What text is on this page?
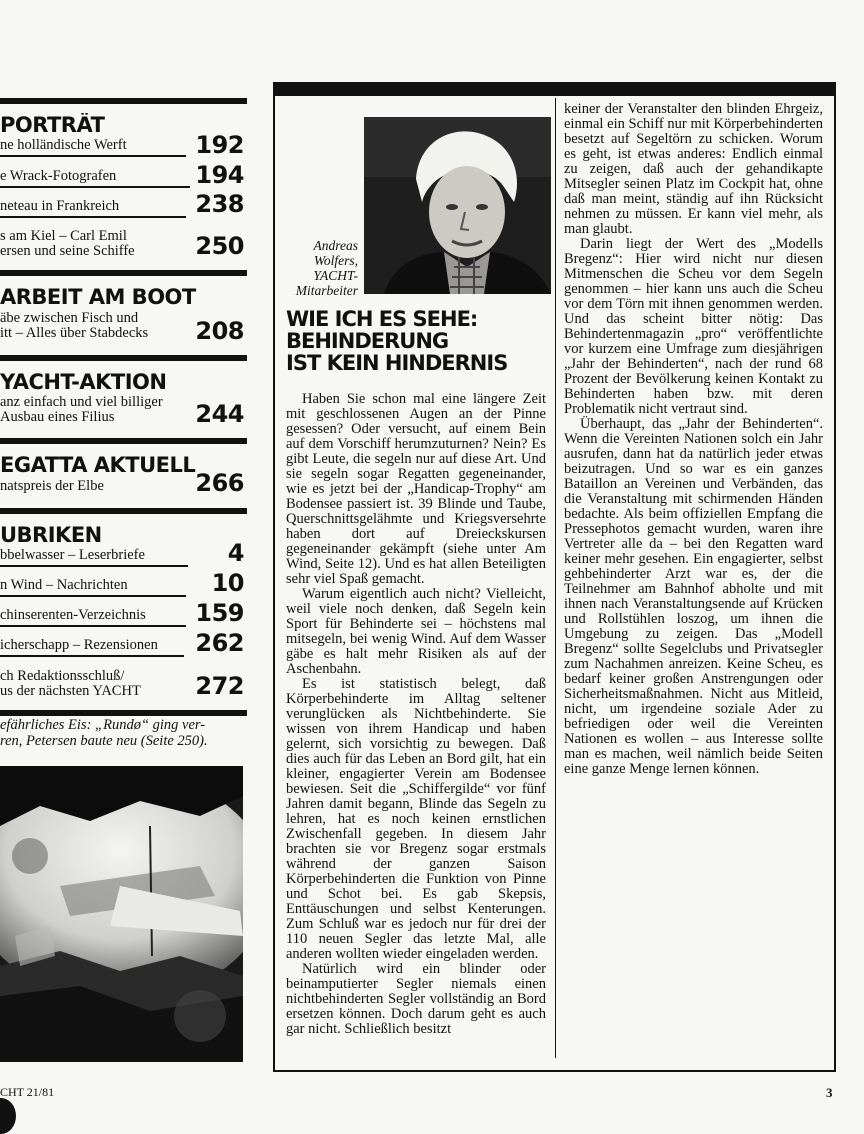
PORTRÄT
ne holländische Werft	192
e Wrack-Fotografen	194
neteau in Frankreich	238
s am Kiel – Carl Emil
ersen und seine Schiffe	250
ARBEIT AM BOOT
äbe zwischen Fisch und
itt – Alles über Stabdecks	208
YACHT-AKTION
anz einfach und viel billiger
Ausbau eines Filius	244
EGATTA AKTUELL
natspreis der Elbe	266
UBRIKEN
bbelwasser – Leserbriefe	4
n Wind – Nachrichten	10
chinserenten-Verzeichnis	159
icherschapp – Rezensionen	262
ch Redaktionsschluß/
us der nächsten YACHT	272
efährliches Eis: „Rundø“ ging ver-
ren, Petersen baute neu (Seite 250).
Andreas
Wolfers,
YACHT-
Mitarbeiter
WIE ICH ES SEHE:
BEHINDERUNG
IST KEIN HINDERNIS

Haben Sie schon mal eine längere Zeit mit geschlossenen Augen an der Pinne gesessen? Oder versucht, auf einem Bein auf dem Vorschiff herumzuturnen? Nein? Es gibt Leute, die segeln nur auf diese Art. Und sie segeln sogar Regatten gegeneinander, wie es jetzt bei der „Handicap-Trophy“ am Bodensee passiert ist. 39 Blinde und Taube, Querschnittsgelähmte und Kriegsversehrte haben dort auf Dreieckskursen gegeneinander gekämpft (siehe unter Am Wind, Seite 12). Und es hat allen Beteiligten sehr viel Spaß gemacht.

Warum eigentlich auch nicht? Vielleicht, weil viele noch denken, daß Segeln kein Sport für Behinderte sei – höchstens mal mitsegeln, bei wenig Wind. Auf dem Wasser gäbe es halt mehr Risiken als auf der Aschenbahn.

Es ist statistisch belegt, daß Körperbehinderte im Alltag seltener verunglücken als Nichtbehinderte. Sie wissen von ihrem Handicap und haben gelernt, sich vorsichtig zu bewegen. Daß dies auch für das Leben an Bord gilt, hat ein kleiner, engagierter Verein am Bodensee bewiesen. Seit die „Schiffergilde“ vor fünf Jahren damit begann, Blinde das Segeln zu lehren, hat es noch keinen ernstlichen Zwischenfall gegeben. In diesem Jahr brachten sie vor Bregenz sogar erstmals während der ganzen Saison Körperbehinderten die Funktion von Pinne und Schot bei. Es gab Skepsis, Enttäuschungen und selbst Kenterungen. Zum Schluß war es jedoch nur für drei der 110 neuen Segler das letzte Mal, alle anderen wollten wieder eingeladen werden.

Natürlich wird ein blinder oder beinamputierter Segler niemals einen nichtbehinderten Segler vollständig an Bord ersetzen können. Doch darum geht es auch gar nicht. Schließlich besitzt

keiner der Veranstalter den blinden Ehrgeiz, einmal ein Schiff nur mit Körperbehinderten besetzt auf Segeltörn zu schicken. Worum es geht, ist etwas anderes: Endlich einmal zu zeigen, daß auch der gehandikapte Mitsegler seinen Platz im Cockpit hat, ohne daß man meint, ständig auf ihn Rücksicht nehmen zu müssen. Er kann viel mehr, als man glaubt.

Darin liegt der Wert des „Modells Bregenz“: Hier wird nicht nur diesen Mitmenschen die Scheu vor dem Segeln genommen – hier kann uns auch die Scheu vor dem Törn mit ihnen genommen werden. Und das scheint bitter nötig: Das Behindertenmagazin „pro“ veröffentlichte vor kurzem eine Umfrage zum diesjährigen „Jahr der Behinderten“, nach der rund 68 Prozent der Bevölkerung keinen Kontakt zu Behinderten haben bzw. mit deren Problematik nicht vertraut sind.

Überhaupt, das „Jahr der Behinderten“. Wenn die Vereinten Nationen solch ein Jahr ausrufen, dann hat da natürlich jeder etwas beizutragen. Und so war es ein ganzes Bataillon an Vereinen und Verbänden, das die Veranstaltung mit schirmenden Händen bedachte. Als beim offiziellen Empfang die Pressephotos gemacht wurden, waren ihre Vertreter alle da – bei den Regatten ward keiner mehr gesehen. Ein engagierter, selbst gehbehinderter Arzt war es, der die Teilnehmer am Bahnhof abholte und mit ihnen nach Veranstaltungsende auf Krücken und Rollstühlen loszog, um ihnen die Umgebung zu zeigen. Das „Modell Bregenz“ sollte Segelclubs und Privatsegler zum Nachahmen anreizen. Keine Scheu, es bedarf keiner großen Anstrengungen oder Sicherheitsmaßnahmen. Nicht aus Mitleid, nicht, um irgendeine soziale Ader zu befriedigen oder weil die Vereinten Nationen es wollen – aus Interesse sollte man es machen, weil nämlich beide Seiten eine ganze Menge lernen können.

CHT 21/81	3
